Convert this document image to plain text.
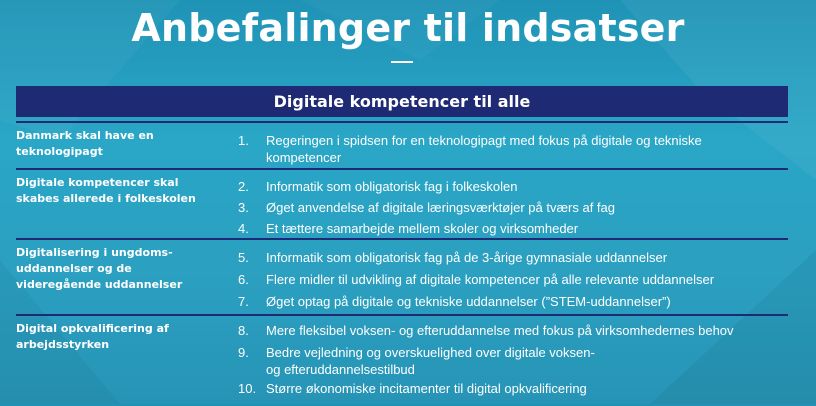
Anbefalinger til indsatser
Digitale kompetencer til alle
Danmark skal have en
teknologipagt
1. Regeringen i spidsen for en teknologipagt med fokus på digitale og tekniske
kompetencer
Digitale kompetencer skal
skabes allerede i folkeskolen
2. Informatik som obligatorisk fag i folkeskolen
3. Øget anvendelse af digitale læringsværktøjer på tværs af fag
4. Et tættere samarbejde mellem skoler og virksomheder
Digitalisering i ungdoms-
uddannelser og de
videregående uddannelser
5. Informatik som obligatorisk fag på de 3-årige gymnasiale uddannelser
6. Flere midler til udvikling af digitale kompetencer på alle relevante uddannelser
7. Øget optag på digitale og tekniske uddannelser (”STEM-uddannelser”)
Digital opkvalificering af
arbejdsstyrken
8. Mere fleksibel voksen- og efteruddannelse med fokus på virksomhedernes behov
9. Bedre vejledning og overskuelighed over digitale voksen-
og efteruddannelsestilbud
10. Større økonomiske incitamenter til digital opkvalificering
